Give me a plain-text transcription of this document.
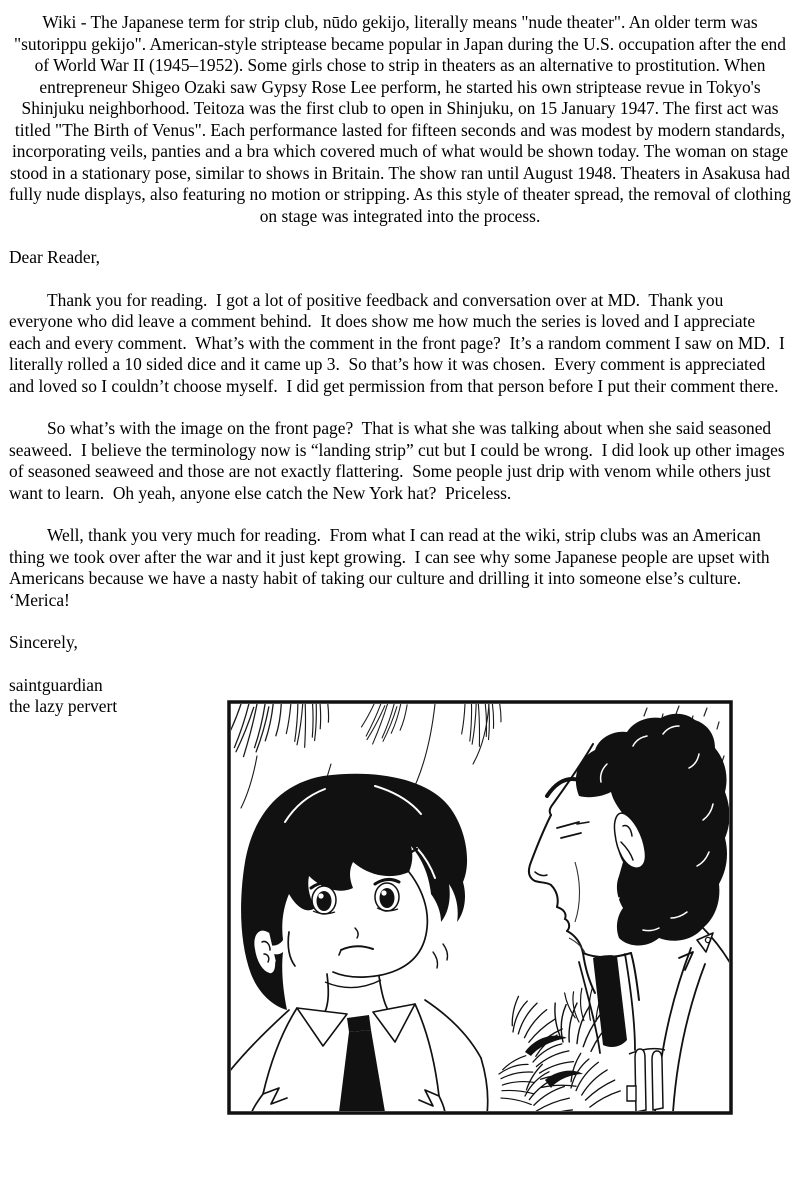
Wiki - The Japanese term for strip club, nūdo gekijo, literally means "nude theater". An older term was "sutorippu gekijo". American-style striptease became popular in Japan during the U.S. occupation after the end of World War II (1945–1952). Some girls chose to strip in theaters as an alternative to prostitution. When entrepreneur Shigeo Ozaki saw Gypsy Rose Lee perform, he started his own striptease revue in Tokyo's Shinjuku neighborhood. Teitoza was the first club to open in Shinjuku, on 15 January 1947. The first act was titled "The Birth of Venus". Each performance lasted for fifteen seconds and was modest by modern standards, incorporating veils, panties and a bra which covered much of what would be shown today. The woman on stage stood in a stationary pose, similar to shows in Britain. The show ran until August 1948. Theaters in Asakusa had fully nude displays, also featuring no motion or stripping. As this style of theater spread, the removal of clothing on stage was integrated into the process.

Dear Reader,

Thank you for reading.  I got a lot of positive feedback and conversation over at MD.  Thank you everyone who did leave a comment behind.  It does show me how much the series is loved and I appreciate each and every comment.  What’s with the comment in the front page?  It’s a random comment I saw on MD.  I literally rolled a 10 sided dice and it came up 3.  So that’s how it was chosen.  Every comment is appreciated and loved so I couldn’t choose myself.  I did get permission from that person before I put their comment there.

So what’s with the image on the front page?  That is what she was talking about when she said seasoned seaweed.  I believe the terminology now is “landing strip” cut but I could be wrong.  I did look up other images of seasoned seaweed and those are not exactly flattering.  Some people just drip with venom while others just want to learn.  Oh yeah, anyone else catch the New York hat?  Priceless.

Well, thank you very much for reading.  From what I can read at the wiki, strip clubs was an American thing we took over after the war and it just kept growing.  I can see why some Japanese people are upset with Americans because we have a nasty habit of taking our culture and drilling it into someone else’s culture.  ‘Merica!

Sincerely,

saintguardian
the lazy pervert
